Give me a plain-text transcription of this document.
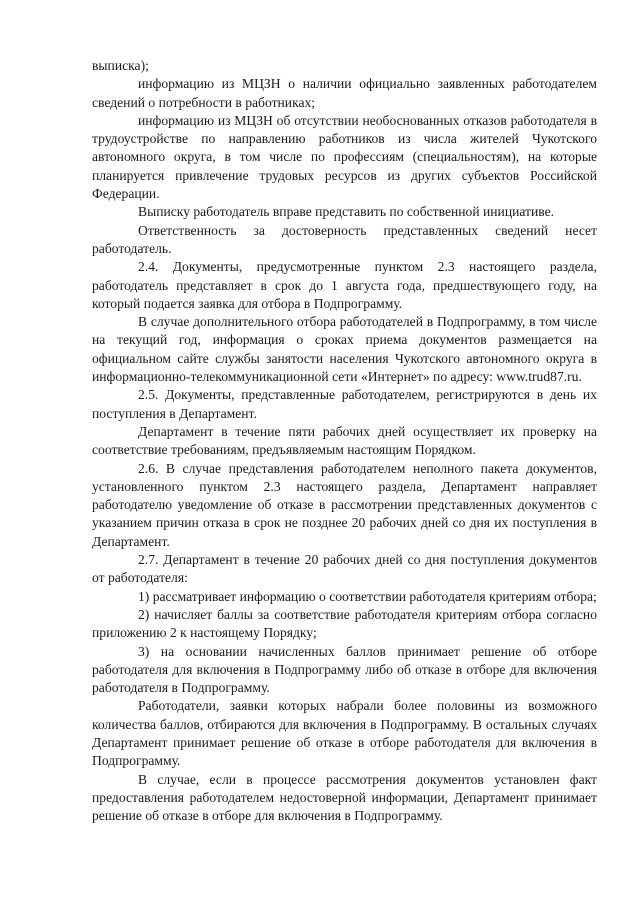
выписка);

информацию из МЦЗН о наличии официально заявленных работодателем сведений о потребности в работниках;

информацию из МЦЗН об отсутствии необоснованных отказов работодателя в трудоустройстве по направлению работников из числа жителей Чукотского автономного округа, в том числе по профессиям (специальностям), на которые планируется привлечение трудовых ресурсов из других субъектов Российской Федерации.

Выписку работодатель вправе представить по собственной инициативе.

Ответственность за достоверность представленных сведений несет работодатель.

2.4. Документы, предусмотренные пунктом 2.3 настоящего раздела, работодатель представляет в срок до 1 августа года, предшествующего году, на который подается заявка для отбора в Подпрограмму.

В случае дополнительного отбора работодателей в Подпрограмму, в том числе на текущий год, информация о сроках приема документов размещается на официальном сайте службы занятости населения Чукотского автономного округа в информационно-телекоммуникационной сети «Интернет» по адресу: www.trud87.ru.

2.5. Документы, представленные работодателем, регистрируются в день их поступления в Департамент.

Департамент в течение пяти рабочих дней осуществляет их проверку на соответствие требованиям, предъявляемым настоящим Порядком.

2.6. В случае представления работодателем неполного пакета документов, установленного пунктом 2.3 настоящего раздела, Департамент направляет работодателю уведомление об отказе в рассмотрении представленных документов с указанием причин отказа в срок не позднее 20 рабочих дней со дня их поступления в Департамент.

2.7. Департамент в течение 20 рабочих дней со дня поступления документов от работодателя:

1) рассматривает информацию о соответствии работодателя критериям отбора;

2) начисляет баллы за соответствие работодателя критериям отбора согласно приложению 2 к настоящему Порядку;

3) на основании начисленных баллов принимает решение об отборе работодателя для включения в Подпрограмму либо об отказе в отборе для включения работодателя в Подпрограмму.

Работодатели, заявки которых набрали более половины из возможного количества баллов, отбираются для включения в Подпрограмму. В остальных случаях Департамент принимает решение об отказе в отборе работодателя для включения в Подпрограмму.

В случае, если в процессе рассмотрения документов установлен факт предоставления работодателем недостоверной информации, Департамент принимает решение об отказе в отборе для включения в Подпрограмму.
